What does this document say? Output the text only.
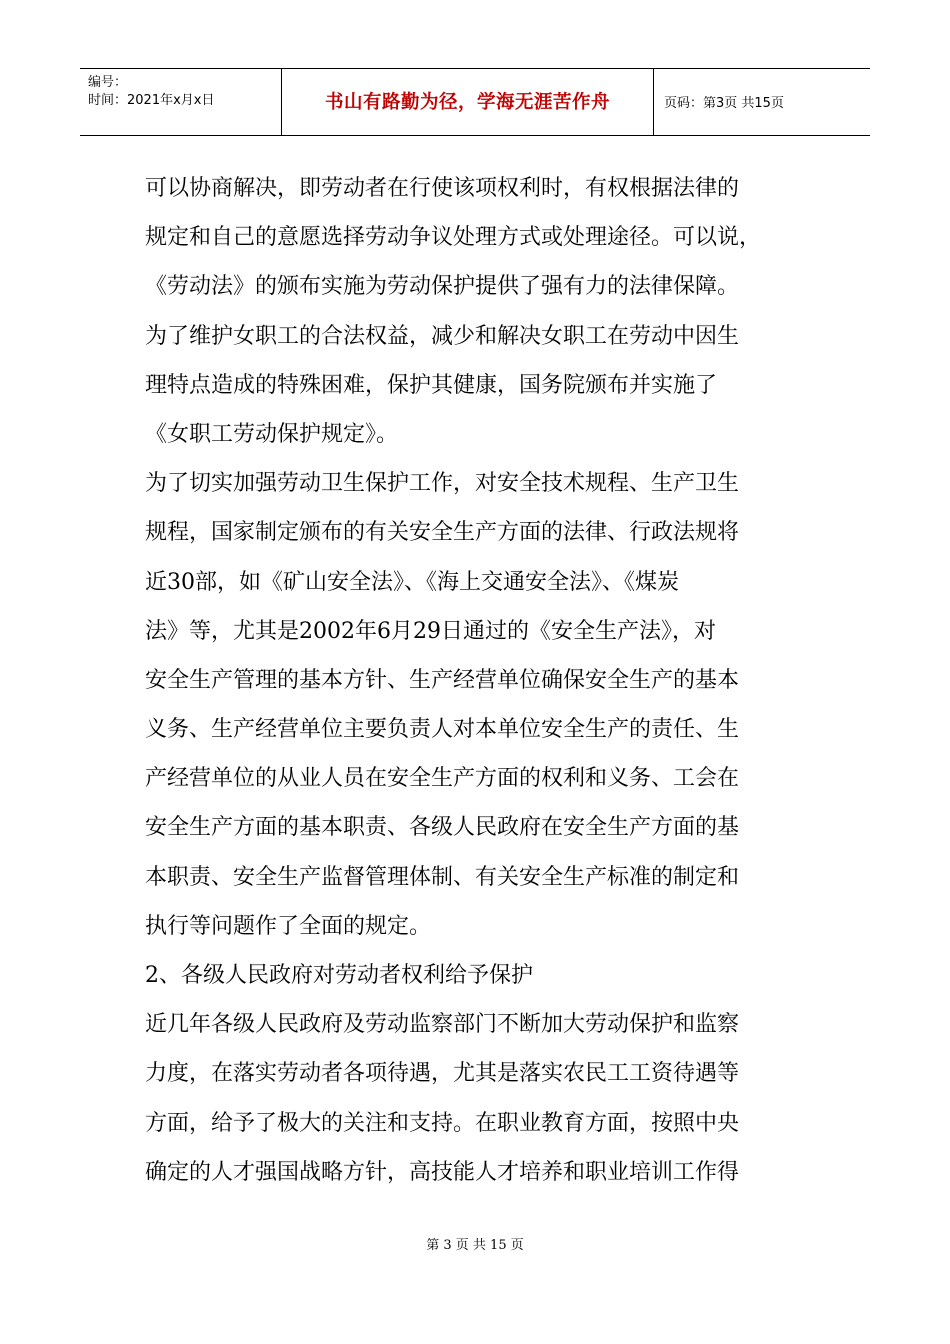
编号：
时间：2021年x月x日	书山有路勤为径，学海无涯苦作舟	页码：第3页 共15页
可以协商解决，即劳动者在行使该项权利时，有权根据法律的
规定和自己的意愿选择劳动争议处理方式或处理途径。可以说，
《劳动法》的颁布实施为劳动保护提供了强有力的法律保障。
为了维护女职工的合法权益，减少和解决女职工在劳动中因生
理特点造成的特殊困难，保护其健康，国务院颁布并实施了
《女职工劳动保护规定》。
为了切实加强劳动卫生保护工作，对安全技术规程、生产卫生
规程，国家制定颁布的有关安全生产方面的法律、行政法规将
近30部，如《矿山安全法》、《海上交通安全法》、《煤炭
法》等，尤其是2002年6月29日通过的《安全生产法》，对
安全生产管理的基本方针、生产经营单位确保安全生产的基本
义务、生产经营单位主要负责人对本单位安全生产的责任、生
产经营单位的从业人员在安全生产方面的权利和义务、工会在
安全生产方面的基本职责、各级人民政府在安全生产方面的基
本职责、安全生产监督管理体制、有关安全生产标准的制定和
执行等问题作了全面的规定。
2、各级人民政府对劳动者权利给予保护
近几年各级人民政府及劳动监察部门不断加大劳动保护和监察
力度，在落实劳动者各项待遇，尤其是落实农民工工资待遇等
方面，给予了极大的关注和支持。在职业教育方面，按照中央
确定的人才强国战略方针，高技能人才培养和职业培训工作得
第 3 页 共 15 页
